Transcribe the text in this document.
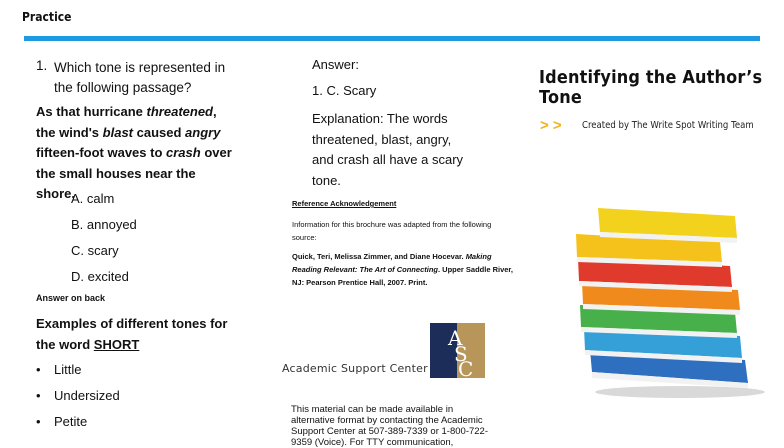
Practice
1. Which tone is represented in
the following passage?
As that hurricane threatened, the wind's blast caused angry fifteen-foot waves to crash over the small houses near the shore.
A. calm
B. annoyed
C. scary
D. excited
Answer on back
Examples of different tones for the word SHORT
• Little
• Undersized
• Petite
Answer:
1. C. Scary
Explanation: The words threatened, blast, angry, and crash all have a scary tone.
Reference Acknowledgement
Information for this brochure was adapted from the following source:
Quick, Teri, Melissa Zimmer, and Diane Hocevar. Making Reading Relevant: The Art of Connecting. Upper Saddle River, NJ: Pearson Prentice Hall, 2007. Print.
Academic Support Center
A
S
C
This material can be made available in alternative format by contacting the Academic Support Center at 507-389-7339 or 1-800-722-9359 (Voice). For TTY communication,
Identifying the Author’s Tone
> > Created by The Write Spot Writing Team
